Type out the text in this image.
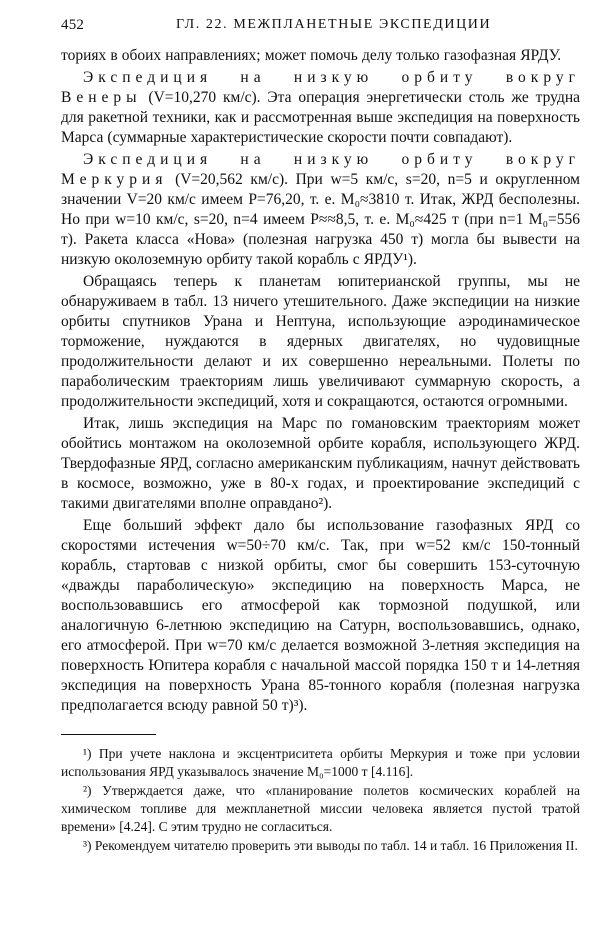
452	ГЛ. 22. МЕЖПЛАНЕТНЫЕ ЭКСПЕДИЦИИ

ториях в обоих направлениях; может помочь делу только газофазная ЯРДУ.

Экспедиция на низкую орбиту вокруг Венеры (V=10,270 км/с). Эта операция энергетически столь же трудна для ракетной техники, как и рассмотренная выше экспедиция на поверхность Марса (суммарные характеристические скорости почти совпадают).

Экспедиция на низкую орбиту вокруг Меркурия (V=20,562 км/с). При w=5 км/с, s=20, n=5 и округленном значении V=20 км/с имеем P=76,20, т. е. M₀≈3810 т. Итак, ЖРД бесполезны. Но при w=10 км/с, s=20, n=4 имеем P≈≈8,5, т. е. M₀≈425 т (при n=1 M₀=556 т). Ракета класса «Нова» (полезная нагрузка 450 т) могла бы вывести на низкую околоземную орбиту такой корабль с ЯРДУ¹).

Обращаясь теперь к планетам юпитерианской группы, мы не обнаруживаем в табл. 13 ничего утешительного. Даже экспедиции на низкие орбиты спутников Урана и Нептуна, использующие аэродинамическое торможение, нуждаются в ядерных двигателях, но чудовищные продолжительности делают и их совершенно нереальными. Полеты по параболическим траекториям лишь увеличивают суммарную скорость, а продолжительности экспедиций, хотя и сокращаются, остаются огромными.

Итак, лишь экспедиция на Марс по гомановским траекториям может обойтись монтажом на околоземной орбите корабля, использующего ЖРД. Твердофазные ЯРД, согласно американским публикациям, начнут действовать в космосе, возможно, уже в 80-х годах, и проектирование экспедиций с такими двигателями вполне оправдано²).

Еще больший эффект дало бы использование газофазных ЯРД со скоростями истечения w=50÷70 км/с. Так, при w=52 км/с 150-тонный корабль, стартовав с низкой орбиты, смог бы совершить 153-суточную «дважды параболическую» экспедицию на поверхность Марса, не воспользовавшись его атмосферой как тормозной подушкой, или аналогичную 6-летнюю экспедицию на Сатурн, воспользовавшись, однако, его атмосферой. При w=70 км/с делается возможной 3-летняя экспедиция на поверхность Юпитера корабля с начальной массой порядка 150 т и 14-летняя экспедиция на поверхность Урана 85-тонного корабля (полезная нагрузка предполагается всюду равной 50 т)³).

¹) При учете наклона и эксцентриситета орбиты Меркурия и тоже при условии использования ЯРД указывалось значение M₀=1000 т [4.116].

²) Утверждается даже, что «планирование полетов космических кораблей на химическом топливе для межпланетной миссии человека является пустой тратой времени» [4.24]. С этим трудно не согласиться.

³) Рекомендуем читателю проверить эти выводы по табл. 14 и табл. 16 Приложения II.
